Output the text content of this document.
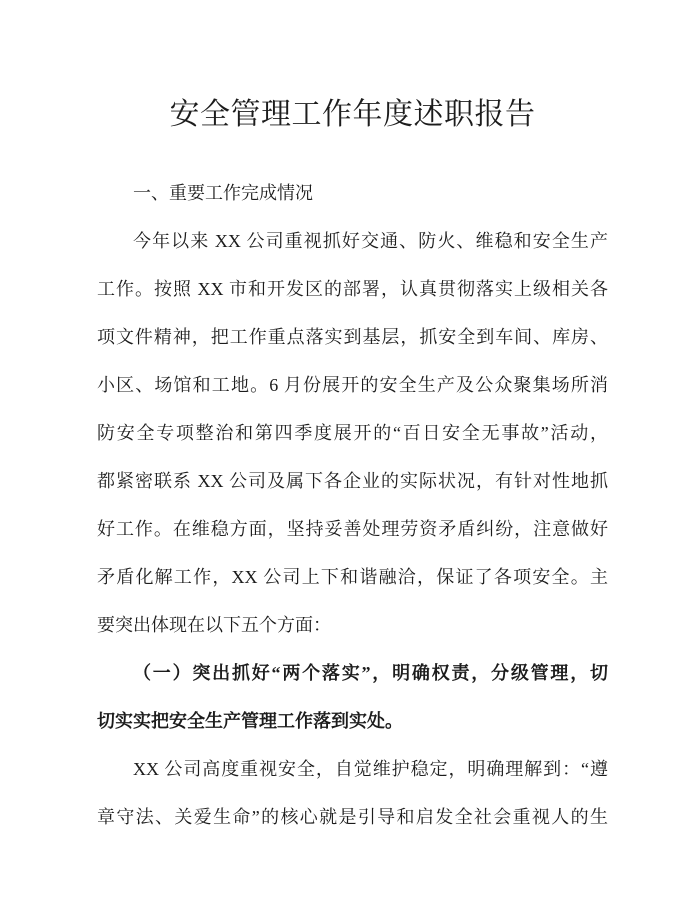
安全管理工作年度述职报告
一、重要工作完成情况
今年以来 XX 公司重视抓好交通、防火、维稳和安全生产
工作。按照 XX 市和开发区的部署，认真贯彻落实上级相关各
项文件精神，把工作重点落实到基层，抓安全到车间、库房、
小区、场馆和工地。6 月份展开的安全生产及公众聚集场所消
防安全专项整治和第四季度展开的“百日安全无事故”活动，
都紧密联系 XX 公司及属下各企业的实际状况，有针对性地抓
好工作。在维稳方面，坚持妥善处理劳资矛盾纠纷，注意做好
矛盾化解工作，XX 公司上下和谐融洽，保证了各项安全。主
要突出体现在以下五个方面：
（一）突出抓好“两个落实”，明确权责，分级管理，切
切实实把安全生产管理工作落到实处。
XX 公司高度重视安全，自觉维护稳定，明确理解到：“遵
章守法、关爱生命”的核心就是引导和启发全社会重视人的生
